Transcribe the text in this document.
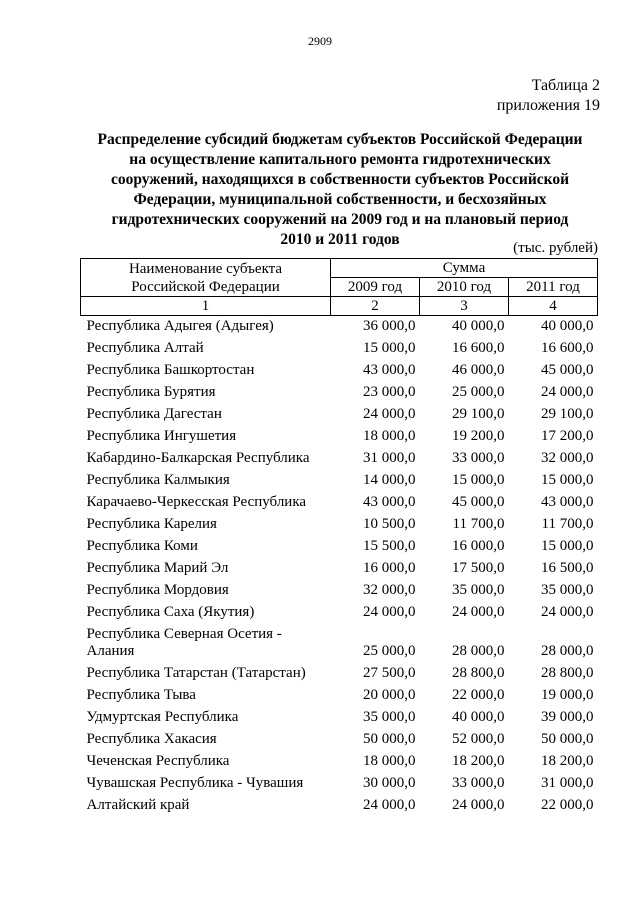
2909
Таблица 2
приложения 19
Распределение субсидий бюджетам субъектов Российской Федерации
на осуществление капитального ремонта гидротехнических
сооружений, находящихся в собственности субъектов Российской
Федерации, муниципальной собственности, и бесхозяйных
гидротехнических сооружений на 2009 год и на плановый период
2010 и 2011 годов	(тыс. рублей)
Наименование субъекта
Российской Федерации	Сумма		
	2009 год	2010 год	2011 год
1	2	3	4
Республика Адыгея (Адыгея)	36 000,0	40 000,0	40 000,0
Республика Алтай	15 000,0	16 600,0	16 600,0
Республика Башкортостан	43 000,0	46 000,0	45 000,0
Республика Бурятия	23 000,0	25 000,0	24 000,0
Республика Дагестан	24 000,0	29 100,0	29 100,0
Республика Ингушетия	18 000,0	19 200,0	17 200,0
Кабардино-Балкарская Республика	31 000,0	33 000,0	32 000,0
Республика Калмыкия	14 000,0	15 000,0	15 000,0
Карачаево-Черкесская Республика	43 000,0	45 000,0	43 000,0
Республика Карелия	10 500,0	11 700,0	11 700,0
Республика Коми	15 500,0	16 000,0	15 000,0
Республика Марий Эл	16 000,0	17 500,0	16 500,0
Республика Мордовия	32 000,0	35 000,0	35 000,0
Республика Саха (Якутия)	24 000,0	24 000,0	24 000,0
Республика Северная Осетия - Алания	25 000,0	28 000,0	28 000,0
Республика Татарстан (Татарстан)	27 500,0	28 800,0	28 800,0
Республика Тыва	20 000,0	22 000,0	19 000,0
Удмуртская Республика	35 000,0	40 000,0	39 000,0
Республика Хакасия	50 000,0	52 000,0	50 000,0
Чеченская Республика	18 000,0	18 200,0	18 200,0
Чувашская Республика - Чувашия	30 000,0	33 000,0	31 000,0
Алтайский край	24 000,0	24 000,0	22 000,0
